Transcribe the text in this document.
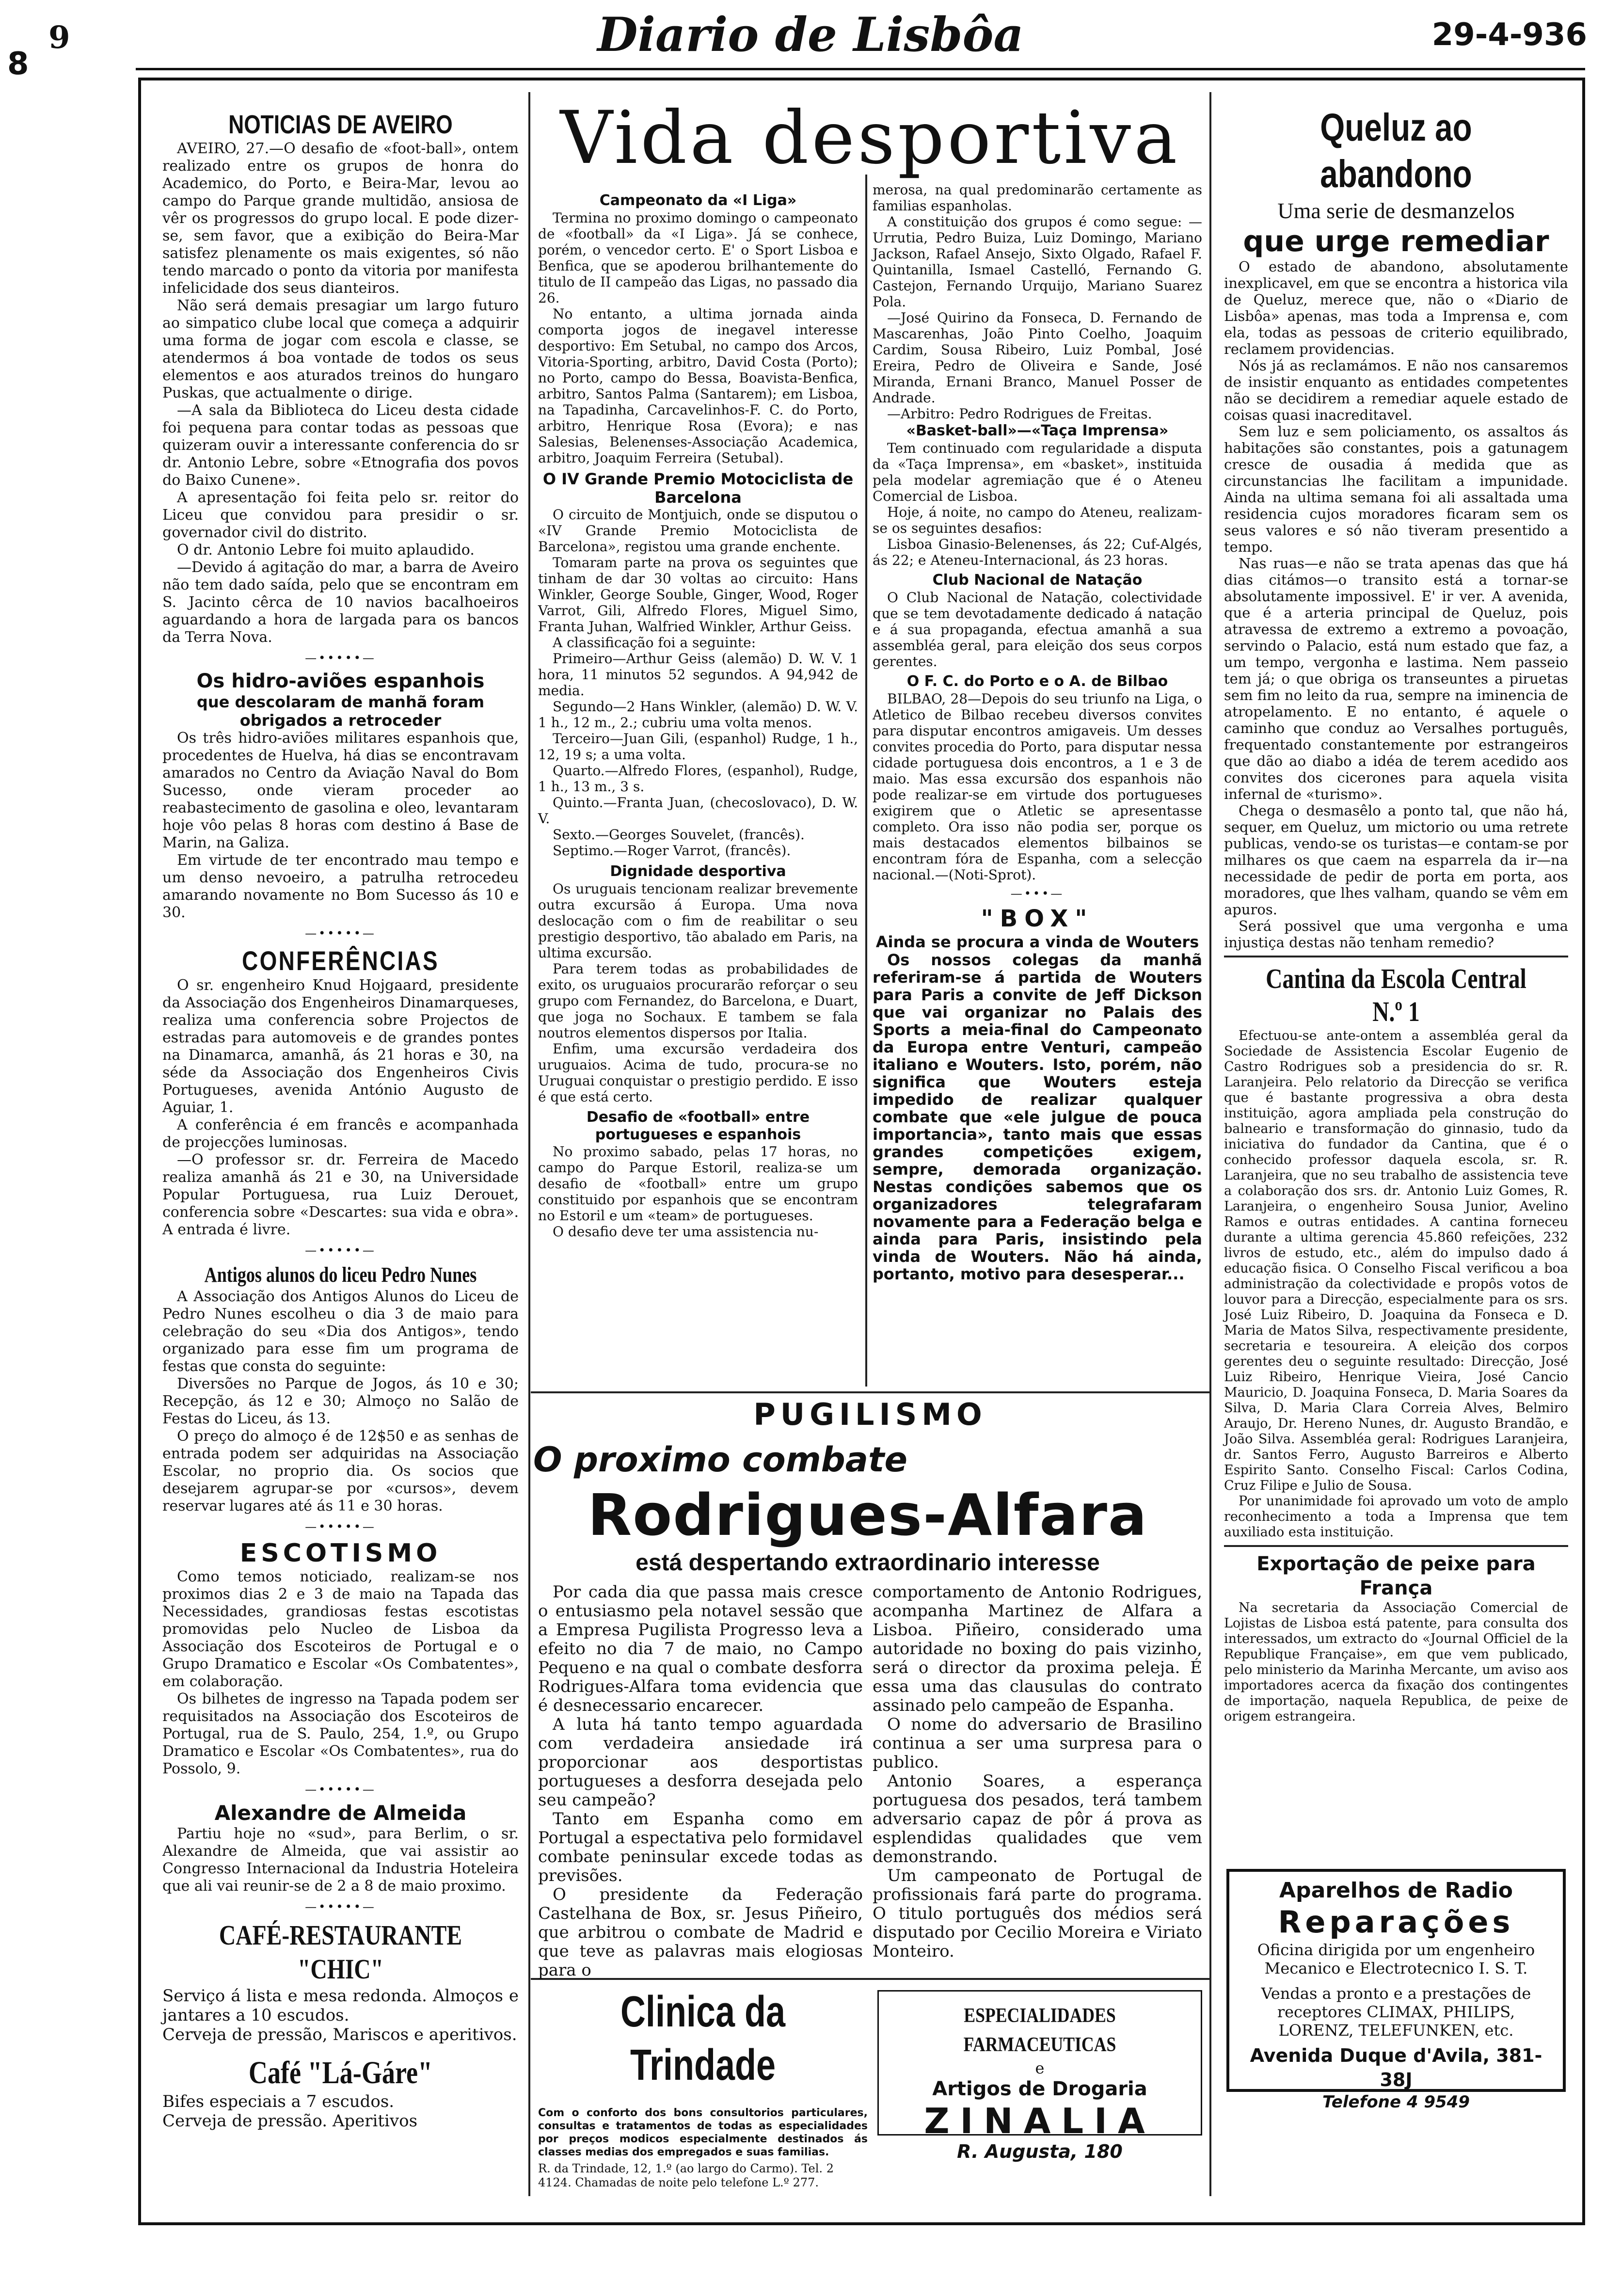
8
9	Diario de Lisbôa	29-4-936
NOTICIAS DE AVEIRO

AVEIRO, 27.—O desafio de «foot-ball», ontem realizado entre os grupos de honra do Academico, do Porto, e Beira-Mar, levou ao campo do Parque grande multidão, ansiosa de vêr os progressos do grupo local. E pode dizer-se, sem favor, que a exibição do Beira-Mar satisfez plenamente os mais exigentes, só não tendo marcado o ponto da vitoria por manifesta infelicidade dos seus dianteiros.

Não será demais presagiar um largo futuro ao simpatico clube local que começa a adquirir uma forma de jogar com escola e classe, se atendermos á boa vontade de todos os seus elementos e aos aturados treinos do hungaro Puskas, que actualmente o dirige.

—A sala da Biblioteca do Liceu desta cidade foi pequena para contar todas as pessoas que quizeram ouvir a interessante conferencia do sr dr. Antonio Lebre, sobre «Etnografia dos povos do Baixo Cunene».

A apresentação foi feita pelo sr. reitor do Liceu que convidou para presidir o sr. governador civil do distrito.

O dr. Antonio Lebre foi muito aplaudido.

—Devido á agitação do mar, a barra de Aveiro não tem dado saída, pelo que se encontram em S. Jacinto cêrca de 10 navios bacalhoeiros aguardando a hora de largada para os bancos da Terra Nova.

—•••••—
Os hidro-aviões espanhois
que descolaram de manhã foram obrigados a retroceder

Os três hidro-aviões militares espanhois que, procedentes de Huelva, há dias se encontravam amarados no Centro da Aviação Naval do Bom Sucesso, onde vieram proceder ao reabastecimento de gasolina e oleo, levantaram hoje vôo pelas 8 horas com destino á Base de Marin, na Galiza.

Em virtude de ter encontrado mau tempo e um denso nevoeiro, a patrulha retrocedeu amarando novamente no Bom Sucesso ás 10 e 30.

—•••••—
CONFERÊNCIAS

O sr. engenheiro Knud Hojgaard, presidente da Associação dos Engenheiros Dinamarqueses, realiza uma conferencia sobre Projectos de estradas para automoveis e de grandes pontes na Dinamarca, amanhã, ás 21 horas e 30, na séde da Associação dos Engenheiros Civis Portugueses, avenida António Augusto de Aguiar, 1.

A conferência é em francês e acompanhada de projecções luminosas.

—O professor sr. dr. Ferreira de Macedo realiza amanhã ás 21 e 30, na Universidade Popular Portuguesa, rua Luiz Derouet, conferencia sobre «Descartes: sua vida e obra». A entrada é livre.

—•••••—
Antigos alunos do liceu Pedro Nunes

A Associação dos Antigos Alunos do Liceu de Pedro Nunes escolheu o dia 3 de maio para celebração do seu «Dia dos Antigos», tendo organizado para esse fim um programa de festas que consta do seguinte:

Diversões no Parque de Jogos, ás 10 e 30; Recepção, ás 12 e 30; Almoço no Salão de Festas do Liceu, ás 13.

O preço do almoço é de 12$50 e as senhas de entrada podem ser adquiridas na Associação Escolar, no proprio dia. Os socios que desejarem agrupar-se por «cursos», devem reservar lugares até ás 11 e 30 horas.

—•••••—
ESCOTISMO

Como temos noticiado, realizam-se nos proximos dias 2 e 3 de maio na Tapada das Necessidades, grandiosas festas escotistas promovidas pelo Nucleo de Lisboa da Associação dos Escoteiros de Portugal e o Grupo Dramatico e Escolar «Os Combatentes», em colaboração.

Os bilhetes de ingresso na Tapada podem ser requisitados na Associação dos Escoteiros de Portugal, rua de S. Paulo, 254, 1.º, ou Grupo Dramatico e Escolar «Os Combatentes», rua do Possolo, 9.

—•••••—
Alexandre de Almeida

Partiu hoje no «sud», para Berlim, o sr. Alexandre de Almeida, que vai assistir ao Congresso Internacional da Industria Hoteleira que ali vai reunir-se de 2 a 8 de maio proximo.

—•••••—
CAFÉ-RESTAURANTE "CHIC"

Serviço á lista e mesa redonda. Almoços e jantares a 10 escudos.

Cerveja de pressão, Mariscos e aperitivos.

Café "Lá-Gáre"

Bifes especiais a 7 escudos.

Cerveja de pressão. Aperitivos

Vida desportiva
Campeonato da «I Liga»

Termina no proximo domingo o campeonato de «football» da «I Liga». Já se conhece, porém, o vencedor certo. E' o Sport Lisboa e Benfica, que se apoderou brilhantemente do titulo de II campeão das Ligas, no passado dia 26.

No entanto, a ultima jornada ainda comporta jogos de inegavel interesse desportivo: Em Setubal, no campo dos Arcos, Vitoria-Sporting, arbitro, David Costa (Porto); no Porto, campo do Bessa, Boavista-Benfica, arbitro, Santos Palma (Santarem); em Lisboa, na Tapadinha, Carcavelinhos-F. C. do Porto, arbitro, Henrique Rosa (Evora); e nas Salesias, Belenenses-Associação Academica, arbitro, Joaquim Ferreira (Setubal).

O IV Grande Premio Motociclista de Barcelona

O circuito de Montjuich, onde se disputou o «IV Grande Premio Motociclista de Barcelona», registou uma grande enchente.

Tomaram parte na prova os seguintes que tinham de dar 30 voltas ao circuito: Hans Winkler, George Souble, Ginger, Wood, Roger Varrot, Gili, Alfredo Flores, Miguel Simo, Franta Juhan, Walfried Winkler, Arthur Geiss.

A classificação foi a seguinte:

Primeiro—Arthur Geiss (alemão) D. W. V. 1 hora, 11 minutos 52 segundos. A 94,942 de media.

Segundo—2 Hans Winkler, (alemão) D. W. V. 1 h., 12 m., 2.; cubriu uma volta menos.

Terceiro—Juan Gili, (espanhol) Rudge, 1 h., 12, 19 s; a uma volta.

Quarto.—Alfredo Flores, (espanhol), Rudge, 1 h., 13 m., 3 s.

Quinto.—Franta Juan, (checoslovaco), D. W. V.

Sexto.—Georges Souvelet, (francês).

Septimo.—Roger Varrot, (francês).

Dignidade desportiva

Os uruguais tencionam realizar brevemente outra excursão á Europa. Uma nova deslocação com o fim de reabilitar o seu prestigio desportivo, tão abalado em Paris, na ultima excursão.

Para terem todas as probabilidades de exito, os uruguaios procurarão reforçar o seu grupo com Fernandez, do Barcelona, e Duart, que joga no Sochaux. E tambem se fala noutros elementos dispersos por Italia.

Enfim, uma excursão verdadeira dos uruguaios. Acima de tudo, procura-se no Uruguai conquistar o prestigio perdido. E isso é que está certo.

Desafio de «football» entre portugueses e espanhois

No proximo sabado, pelas 17 horas, no campo do Parque Estoril, realiza-se um desafio de «football» entre um grupo constituido por espanhois que se encontram no Estoril e um «team» de portugueses.

O desafio deve ter uma assistencia nu-

merosa, na qual predominarão certamente as familias espanholas.

A constituição dos grupos é como segue: —Urrutia, Pedro Buiza, Luiz Domingo, Mariano Jackson, Rafael Ansejo, Sixto Olgado, Rafael F. Quintanilla, Ismael Castelló, Fernando G. Castejon, Fernando Urquijo, Mariano Suarez Pola.

—José Quirino da Fonseca, D. Fernando de Mascarenhas, João Pinto Coelho, Joaquim Cardim, Sousa Ribeiro, Luiz Pombal, José Ereira, Pedro de Oliveira e Sande, José Miranda, Ernani Branco, Manuel Posser de Andrade.

—Arbitro: Pedro Rodrigues de Freitas.

«Basket-ball»—«Taça Imprensa»

Tem continuado com regularidade a disputa da «Taça Imprensa», em «basket», instituida pela modelar agremiação que é o Ateneu Comercial de Lisboa.

Hoje, á noite, no campo do Ateneu, realizam-se os seguintes desafios:

Lisboa Ginasio-Belenenses, ás 22; Cuf-Algés, ás 22; e Ateneu-Internacional, ás 23 horas.

Club Nacional de Natação

O Club Nacional de Natação, colectividade que se tem devotadamente dedicado á natação e á sua propaganda, efectua amanhã a sua assembléa geral, para eleição dos seus corpos gerentes.

O F. C. do Porto e o A. de Bilbao

BILBAO, 28—Depois do seu triunfo na Liga, o Atletico de Bilbao recebeu diversos convites para disputar encontros amigaveis. Um desses convites procedia do Porto, para disputar nessa cidade portuguesa dois encontros, a 1 e 3 de maio. Mas essa excursão dos espanhois não pode realizar-se em virtude dos portugueses exigirem que o Atletic se apresentasse completo. Ora isso não podia ser, porque os mais destacados elementos bilbainos se encontram fóra de Espanha, com a selecção nacional.—(Noti-Sprot).

—•••—
"BOX"
Ainda se procura a vinda de Wouters

Os nossos colegas da manhã referiram-se á partida de Wouters para Paris a convite de Jeff Dickson que vai organizar no Palais des Sports a meia-final do Campeonato da Europa entre Venturi, campeão italiano e Wouters. Isto, porém, não significa que Wouters esteja impedido de realizar qualquer combate que «ele julgue de pouca importancia», tanto mais que essas grandes competições exigem, sempre, demorada organização. Nestas condições sabemos que os organizadores telegrafaram novamente para a Federação belga e ainda para Paris, insistindo pela vinda de Wouters. Não há ainda, portanto, motivo para desesperar...

PUGILISMO
O proximo combate
Rodrigues-Alfara
está despertando extraordinario interesse

Por cada dia que passa mais cresce o entusiasmo pela notavel sessão que a Empresa Pugilista Progresso leva a efeito no dia 7 de maio, no Campo Pequeno e na qual o combate desforra Rodrigues-Alfara toma evidencia que é desnecessario encarecer.

A luta há tanto tempo aguardada com verdadeira ansiedade irá proporcionar aos desportistas portugueses a desforra desejada pelo seu campeão?

Tanto em Espanha como em Portugal a espectativa pelo formidavel combate peninsular excede todas as previsões.

O presidente da Federação Castelhana de Box, sr. Jesus Piñeiro, que arbitrou o combate de Madrid e que teve as palavras mais elogiosas para o

comportamento de Antonio Rodrigues, acompanha Martinez de Alfara a Lisboa. Piñeiro, considerado uma autoridade no boxing do pais vizinho, será o director da proxima peleja. É essa uma das clausulas do contrato assinado pelo campeão de Espanha.

O nome do adversario de Brasilino continua a ser uma surpresa para o publico.

Antonio Soares, a esperança portuguesa dos pesados, terá tambem adversario capaz de pôr á prova as esplendidas qualidades que vem demonstrando.

Um campeonato de Portugal de profissionais fará parte do programa. O titulo português dos médios será disputado por Cecilio Moreira e Viriato Monteiro.

Clinica da Trindade
Com o conforto dos bons consultorios particulares, consultas e tratamentos de todas as especialidades por preços modicos especialmente destinados ás classes medias dos empregados e suas familias.
R. da Trindade, 12, 1.º (ao largo do Carmo). Tel. 2 4124. Chamadas de noite pelo telefone L.º 277.
ESPECIALIDADES FARMACEUTICAS
e
Artigos de Drogaria
ZINALIA
R. Augusta, 180
Queluz ao abandono
Uma serie de desmanzelos
que urge remediar

O estado de abandono, absolutamente inexplicavel, em que se encontra a historica vila de Queluz, merece que, não o «Diario de Lisbôa» apenas, mas toda a Imprensa e, com ela, todas as pessoas de criterio equilibrado, reclamem providencias.

Nós já as reclamámos. E não nos cansaremos de insistir enquanto as entidades competentes não se decidirem a remediar aquele estado de coisas quasi inacreditavel.

Sem luz e sem policiamento, os assaltos ás habitações são constantes, pois a gatunagem cresce de ousadia á medida que as circunstancias lhe facilitam a impunidade. Ainda na ultima semana foi ali assaltada uma residencia cujos moradores ficaram sem os seus valores e só não tiveram presentido a tempo.

Nas ruas—e não se trata apenas das que há dias citámos—o transito está a tornar-se absolutamente impossivel. E' ir ver. A avenida, que é a arteria principal de Queluz, pois atravessa de extremo a extremo a povoação, servindo o Palacio, está num estado que faz, a um tempo, vergonha e lastima. Nem passeio tem já; o que obriga os transeuntes a piruetas sem fim no leito da rua, sempre na iminencia de atropelamento. E no entanto, é aquele o caminho que conduz ao Versalhes português, frequentado constantemente por estrangeiros que dão ao diabo a idéa de terem acedido aos convites dos cicerones para aquela visita infernal de «turismo».

Chega o desmasêlo a ponto tal, que não há, sequer, em Queluz, um mictorio ou uma retrete publicas, vendo-se os turistas—e contam-se por milhares os que caem na esparrela da ir—na necessidade de pedir de porta em porta, aos moradores, que lhes valham, quando se vêm em apuros.

Será possivel que uma vergonha e uma injustiça destas não tenham remedio?

Cantina da Escola Central N.º 1

Efectuou-se ante-ontem a assembléa geral da Sociedade de Assistencia Escolar Eugenio de Castro Rodrigues sob a presidencia do sr. R. Laranjeira. Pelo relatorio da Direcção se verifica que é bastante progressiva a obra desta instituição, agora ampliada pela construção do balneario e transformação do ginnasio, tudo da iniciativa do fundador da Cantina, que é o conhecido professor daquela escola, sr. R. Laranjeira, que no seu trabalho de assistencia teve a colaboração dos srs. dr. Antonio Luiz Gomes, R. Laranjeira, o engenheiro Sousa Junior, Avelino Ramos e outras entidades. A cantina forneceu durante a ultima gerencia 45.860 refeições, 232 livros de estudo, etc., além do impulso dado á educação fisica. O Conselho Fiscal verificou a boa administração da colectividade e propôs votos de louvor para a Direcção, especialmente para os srs. José Luiz Ribeiro, D. Joaquina da Fonseca e D. Maria de Matos Silva, respectivamente presidente, secretaria e tesoureira. A eleição dos corpos gerentes deu o seguinte resultado: Direcção, José Luiz Ribeiro, Henrique Vieira, José Cancio Mauricio, D. Joaquina Fonseca, D. Maria Soares da Silva, D. Maria Clara Correia Alves, Belmiro Araujo, Dr. Hereno Nunes, dr. Augusto Brandão, e João Silva. Assembléa geral: Rodrigues Laranjeira, dr. Santos Ferro, Augusto Barreiros e Alberto Espirito Santo. Conselho Fiscal: Carlos Codina, Cruz Filipe e Julio de Sousa.

Por unanimidade foi aprovado um voto de amplo reconhecimento a toda a Imprensa que tem auxiliado esta instituição.

Exportação de peixe para França

Na secretaria da Associação Comercial de Lojistas de Lisboa está patente, para consulta dos interessados, um extracto do «Journal Officiel de la Republique Française», em que vem publicado, pelo ministerio da Marinha Mercante, um aviso aos importadores acerca da fixação dos contingentes de importação, naquela Republica, de peixe de origem estrangeira.

Aparelhos de Radio
Reparações
Oficina dirigida por um engenheiro Mecanico e Electrotecnico I. S. T.
Vendas a pronto e a prestações de receptores CLIMAX, PHILIPS, LORENZ, TELEFUNKEN, etc.
Avenida Duque d'Avila, 381-38J
Telefone 4 9549
